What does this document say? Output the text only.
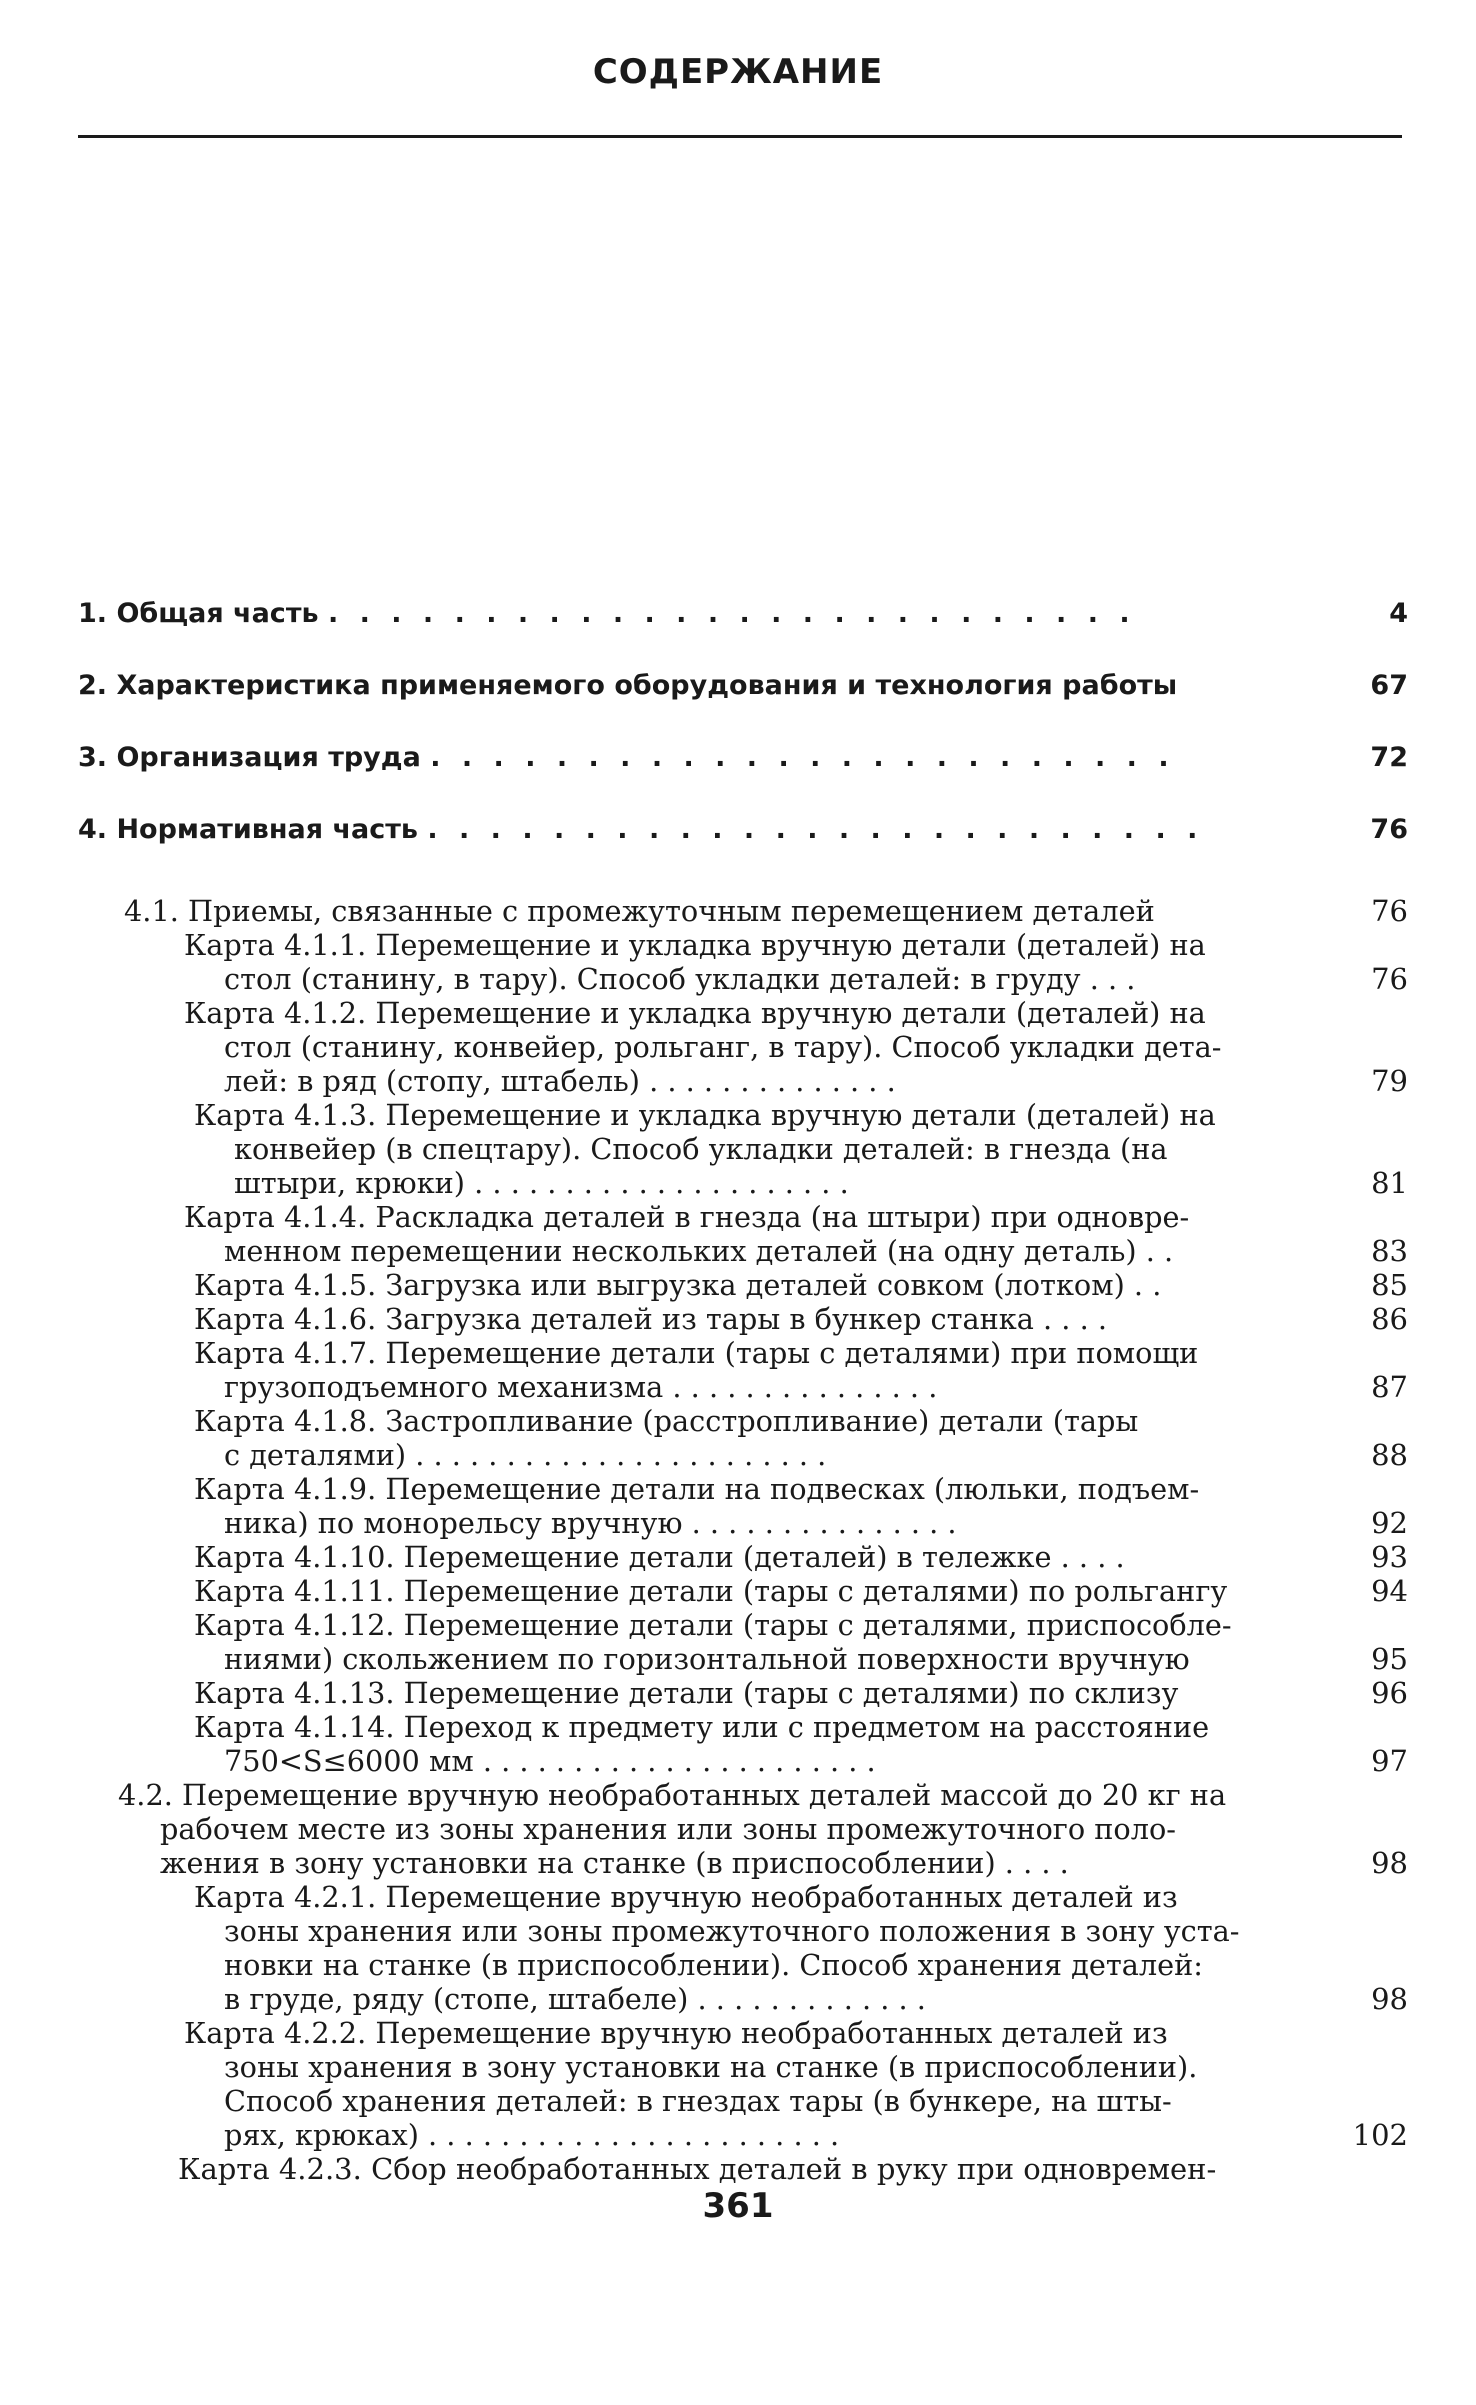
СОДЕРЖАНИЕ
1. Общая часть . . . . . . . . . . . . . . . . . . . . . . . . . .	4
2. Характеристика применяемого оборудования и технология работы	67
3. Организация труда . . . . . . . . . . . . . . . . . . . . . . . .	72
4. Нормативная часть . . . . . . . . . . . . . . . . . . . . . . . . .	76
4.1. Приемы, связанные с промежуточным перемещением деталей	76
Карта 4.1.1. Перемещение и укладка вручную детали (деталей) на стол (станину, в тару). Способ укладки деталей: в груду . . .	76
Карта 4.1.2. Перемещение и укладка вручную детали (деталей) на стол (станину, конвейер, рольганг, в тару). Способ укладки дета- лей: в ряд (стопу, штабель) . . . . . . . . . . . . . .	79
Карта 4.1.3. Перемещение и укладка вручную детали (деталей) на конвейер (в спецтару). Способ укладки деталей: в гнезда (на штыри, крюки) . . . . . . . . . . . . . . . . . . . . .	81
Карта 4.1.4. Раскладка деталей в гнезда (на штыри) при одновре- менном перемещении нескольких деталей (на одну деталь) . .	83
Карта 4.1.5. Загрузка или выгрузка деталей совком (лотком) . .	85
Карта 4.1.6. Загрузка деталей из тары в бункер станка . . . .	86
Карта 4.1.7. Перемещение детали (тары с деталями) при помощи грузоподъемного механизма . . . . . . . . . . . . . . .	87
Карта 4.1.8. Застропливание (расстропливание) детали (тары с деталями) . . . . . . . . . . . . . . . . . . . . . . .	88
Карта 4.1.9. Перемещение детали на подвесках (люльки, подъем- ника) по монорельсу вручную . . . . . . . . . . . . . . .	92
Карта 4.1.10. Перемещение детали (деталей) в тележке . . . .	93
Карта 4.1.11. Перемещение детали (тары с деталями) по рольгангу	94
Карта 4.1.12. Перемещение детали (тары с деталями, приспособле- ниями) скольжением по горизонтальной поверхности вручную	95
Карта 4.1.13. Перемещение детали (тары с деталями) по склизу	96
Карта 4.1.14. Переход к предмету или с предметом на расстояние 750<S≤6000 мм . . . . . . . . . . . . . . . . . . . . . .	97
4.2. Перемещение вручную необработанных деталей массой до 20 кг на рабочем месте из зоны хранения или зоны промежуточного поло- жения в зону установки на станке (в приспособлении) . . . .	98
Карта 4.2.1. Перемещение вручную необработанных деталей из зоны хранения или зоны промежуточного положения в зону уста- новки на станке (в приспособлении). Способ хранения деталей: в груде, ряду (стопе, штабеле) . . . . . . . . . . . . .	98
Карта 4.2.2. Перемещение вручную необработанных деталей из зоны хранения в зону установки на станке (в приспособлении). Способ хранения деталей: в гнездах тары (в бункере, на шты- рях, крюках) . . . . . . . . . . . . . . . . . . . . . . .	102
Карта 4.2.3. Сбор необработанных деталей в руку при одновремен-
361
